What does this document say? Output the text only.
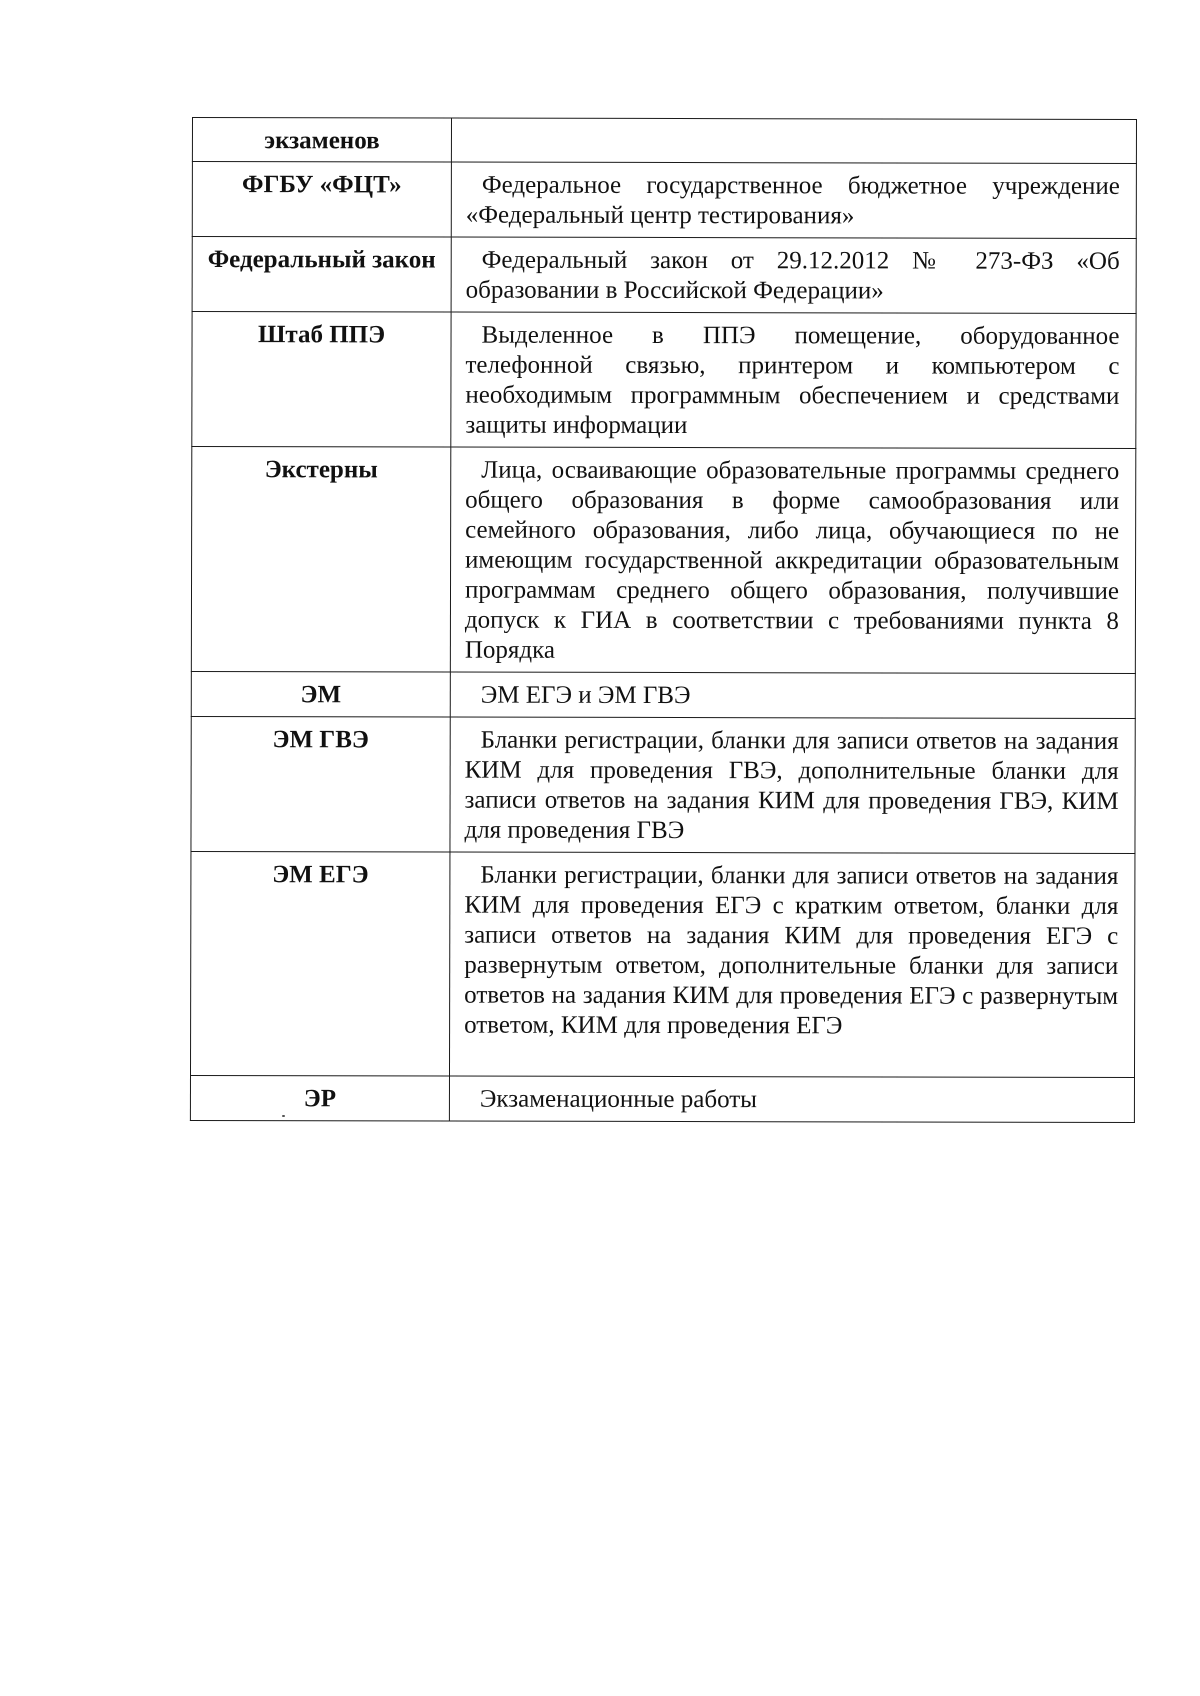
экзаменов	

ФГБУ «ФЦТ»	Федеральное государственное бюджетное учреждение «Федеральный центр тестирования»

Федеральный закон	Федеральный закон от 29.12.2012 № 273-ФЗ «Об образовании в Российской Федерации»

Штаб ППЭ	Выделенное в ППЭ помещение, оборудованное телефонной связью, принтером и компьютером с необходимым программным обеспечением и средствами защиты информации

Экстерны	Лица, осваивающие образовательные программы среднего общего образования в форме самообразования или семейного образования, либо лица, обучающиеся по не имеющим государственной аккредитации образовательным программам среднего общего образования, получившие допуск к ГИА в соответствии с требованиями пункта 8 Порядка

ЭМ	ЭМ ЕГЭ и ЭМ ГВЭ

ЭМ ГВЭ	Бланки регистрации, бланки для записи ответов на задания КИМ для проведения ГВЭ, дополнительные бланки для записи ответов на задания КИМ для проведения ГВЭ, КИМ для проведения ГВЭ

ЭМ ЕГЭ	Бланки регистрации, бланки для записи ответов на задания КИМ для проведения ЕГЭ с кратким ответом, бланки для записи ответов на задания КИМ для проведения ЕГЭ с развернутым ответом, дополнительные бланки для записи ответов на задания КИМ для проведения ЕГЭ с развернутым ответом, КИМ для проведения ЕГЭ

ЭР	Экзаменационные работы
